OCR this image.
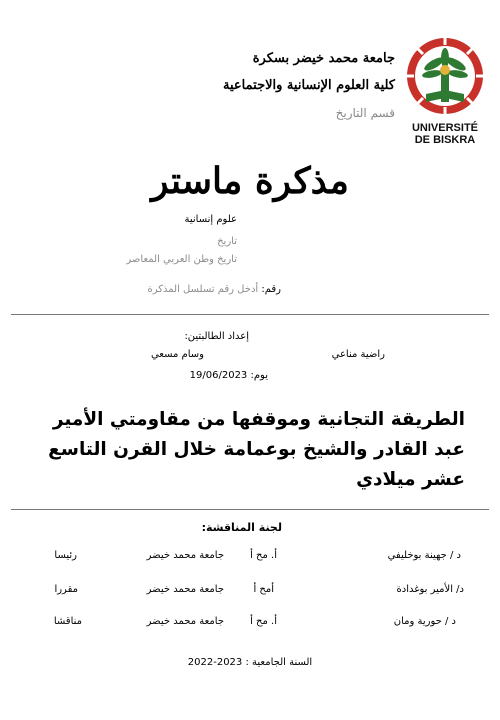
UNIVERSITÉ
DE BISKRA
جامعة محمد خيضر بسكرة
كلية العلوم الإنسانية والاجتماعية
قسم التاريخ
مذكرة ماستر
علوم إنسانية
تاريخ
تاريخ وطن العربي المعاصر
رقم: أدخل رقم تسلسل المذكرة
إعداد الطالبتين:
راضية مناعي
وسام مسعي
يوم: 19/06/2023
الطريقة التجانية وموقفها من مقاومتي الأمير عبد القادر والشيخ بوعمامة خلال القرن التاسع عشر ميلادي
لجنة المناقشة:
د / جهينة بوخليفي
أ. مح أ
جامعة محمد خيضر
رئيسا
د/ الأمير بوغدادة
أمح أ
جامعة محمد خيضر
مقررا
د / حورية ومان
أ. مح أ
جامعة محمد خيضر
مناقشا
السنة الجامعية : 2023-2022
